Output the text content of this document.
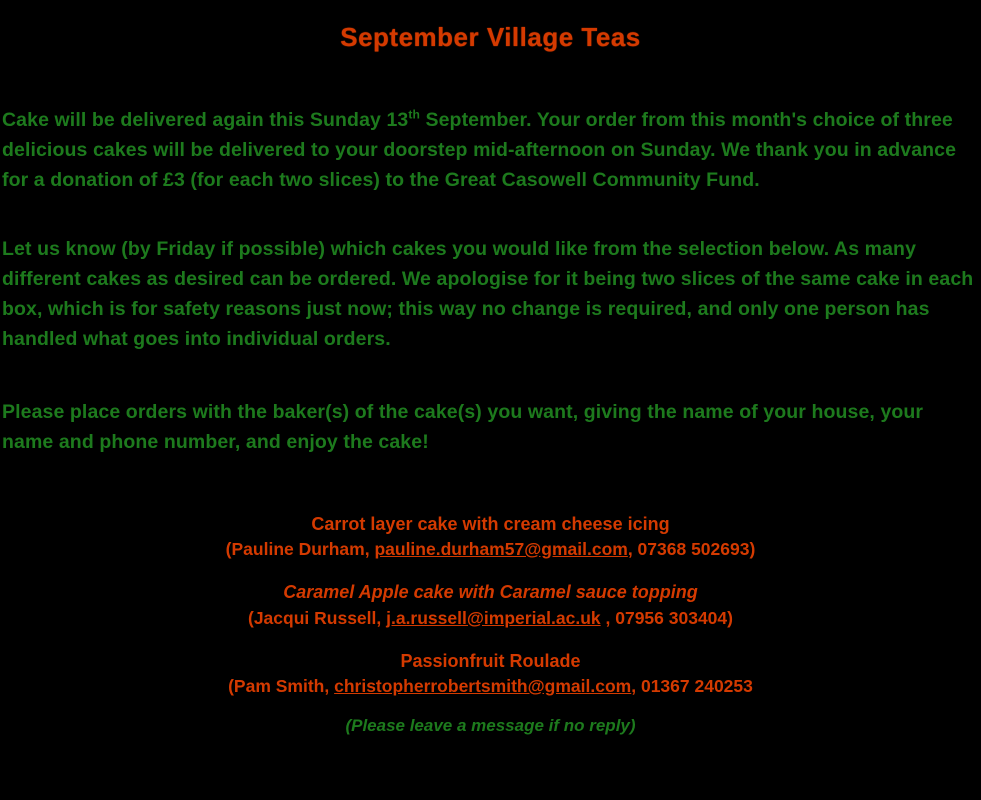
September Village Teas

Cake will be delivered again this Sunday 13th September. Your order from this month's choice of three delicious cakes will be delivered to your doorstep mid-afternoon on Sunday. We thank you in advance for a donation of £3 (for each two slices) to the Great Casowell Community Fund.

Let us know (by Friday if possible) which cakes you would like from the selection below. As many different cakes as desired can be ordered. We apologise for it being two slices of the same cake in each box, which is for safety reasons just now; this way no change is required, and only one person has handled what goes into individual orders.

Please place orders with the baker(s) of the cake(s) you want, giving the name of your house, your name and phone number, and enjoy the cake!

Carrot layer cake with cream cheese icing
(Pauline Durham, pauline.durham57@gmail.com, 07368 502693)
Caramel Apple cake with Caramel sauce topping
(Jacqui Russell, j.a.russell@imperial.ac.uk , 07956 303404)
Passionfruit Roulade
(Pam Smith, christopherrobertsmith@gmail.com, 01367 240253
(Please leave a message if no reply)
